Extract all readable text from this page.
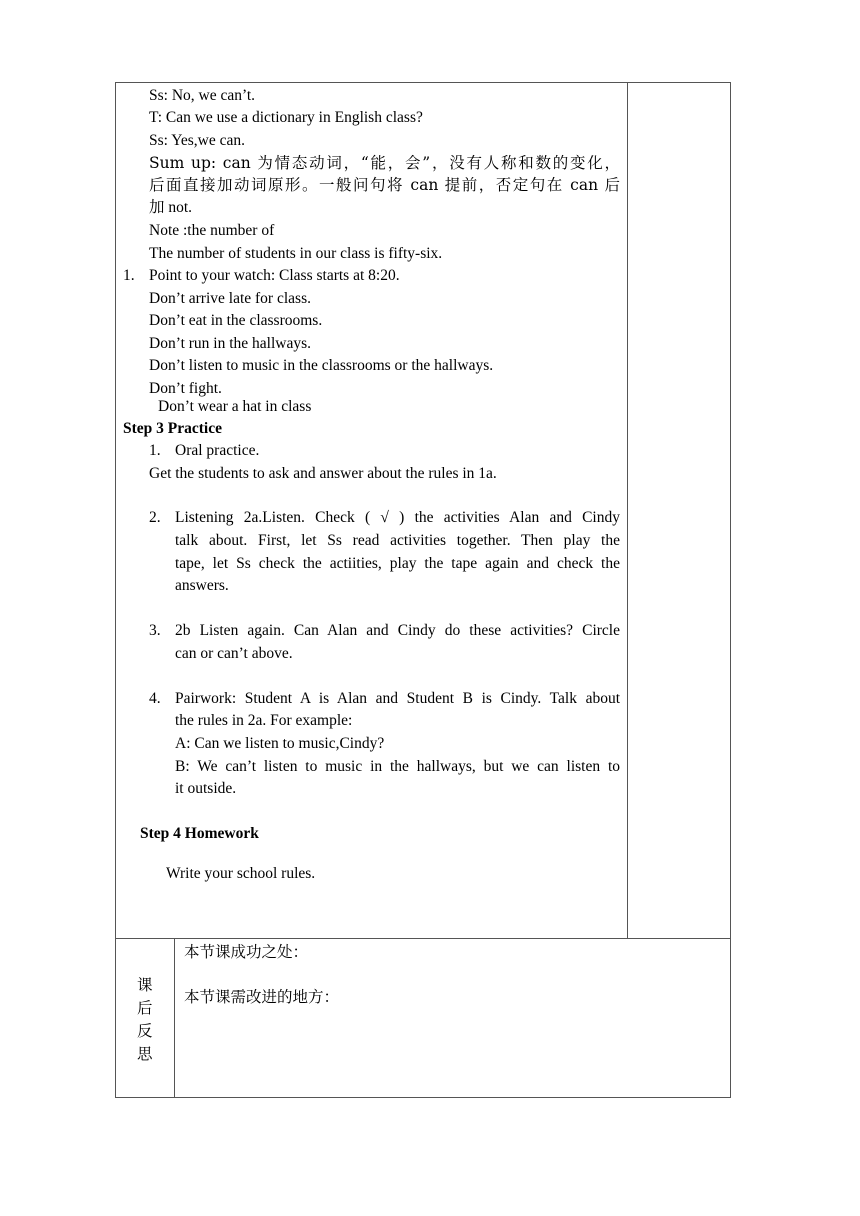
Ss: No, we can’t.
T: Can we use a dictionary in English class?
Ss: Yes,we can.
Sum up: can 为情态动词，“能，会”，没有人称和数的变化，
后面直接加动词原形。一般问句将 can 提前，否定句在 can 后
加 not.
Note :the number of
The number of students in our class is fifty-six.
1. Point to your watch: Class starts at 8:20.
Don’t arrive late for class.
Don’t eat in the classrooms.
Don’t run in the hallways.
Don’t listen to music in the classrooms or the hallways.
Don’t fight.
Don’t wear a hat in class
Step 3 Practice
1. Oral practice.
Get the students to ask and answer about the rules in 1a.
2. Listening 2a.Listen. Check ( √ ) the activities Alan and Cindy
talk about. First, let Ss read activities together. Then play the
tape, let Ss check the actiities, play the tape again and check the
answers.
3. 2b Listen again. Can Alan and Cindy do these activities? Circle
can or can’t above.
4. Pairwork: Student A is Alan and Student B is Cindy. Talk about
the rules in 2a. For example:
A: Can we listen to music,Cindy?
B: We can’t listen to music in the hallways, but we can listen to
it outside.
Step 4 Homework
Write your school rules.
课
后
反
思
本节课成功之处：
本节课需改进的地方：
